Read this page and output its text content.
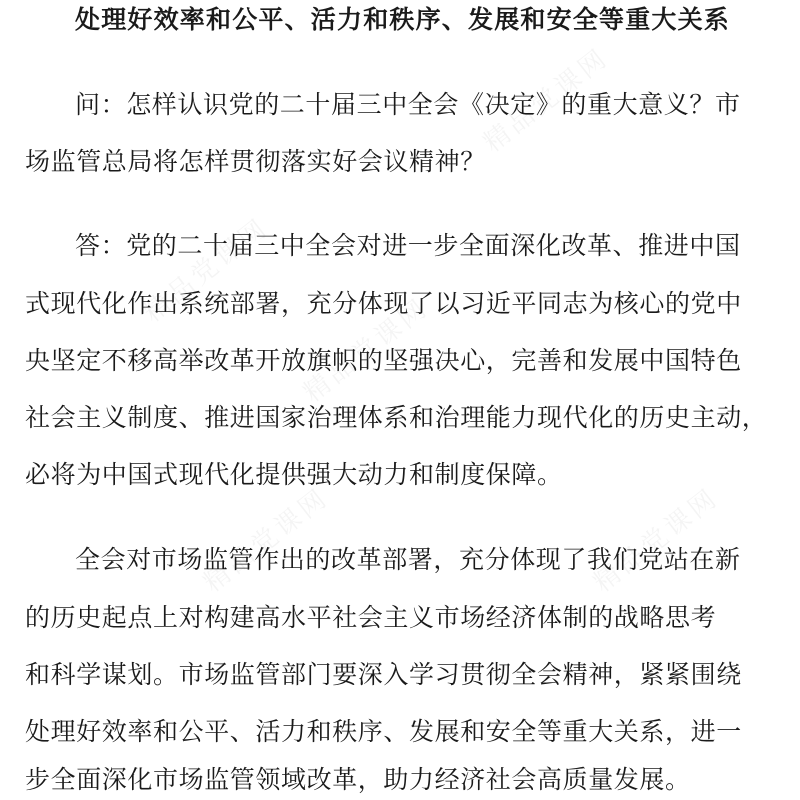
处理好效率和公平、活力和秩序、发展和安全等重大关系
问：怎样认识党的二十届三中全会《决定》的重大意义？市
场监管总局将怎样贯彻落实好会议精神？
答：党的二十届三中全会对进一步全面深化改革、推进中国
式现代化作出系统部署，充分体现了以习近平同志为核心的党中
央坚定不移高举改革开放旗帜的坚强决心，完善和发展中国特色
社会主义制度、推进国家治理体系和治理能力现代化的历史主动，
必将为中国式现代化提供强大动力和制度保障。
全会对市场监管作出的改革部署，充分体现了我们党站在新
的历史起点上对构建高水平社会主义市场经济体制的战略思考
和科学谋划。市场监管部门要深入学习贯彻全会精神，紧紧围绕
处理好效率和公平、活力和秩序、发展和安全等重大关系，进一
步全面深化市场监管领域改革，助力经济社会高质量发展。
